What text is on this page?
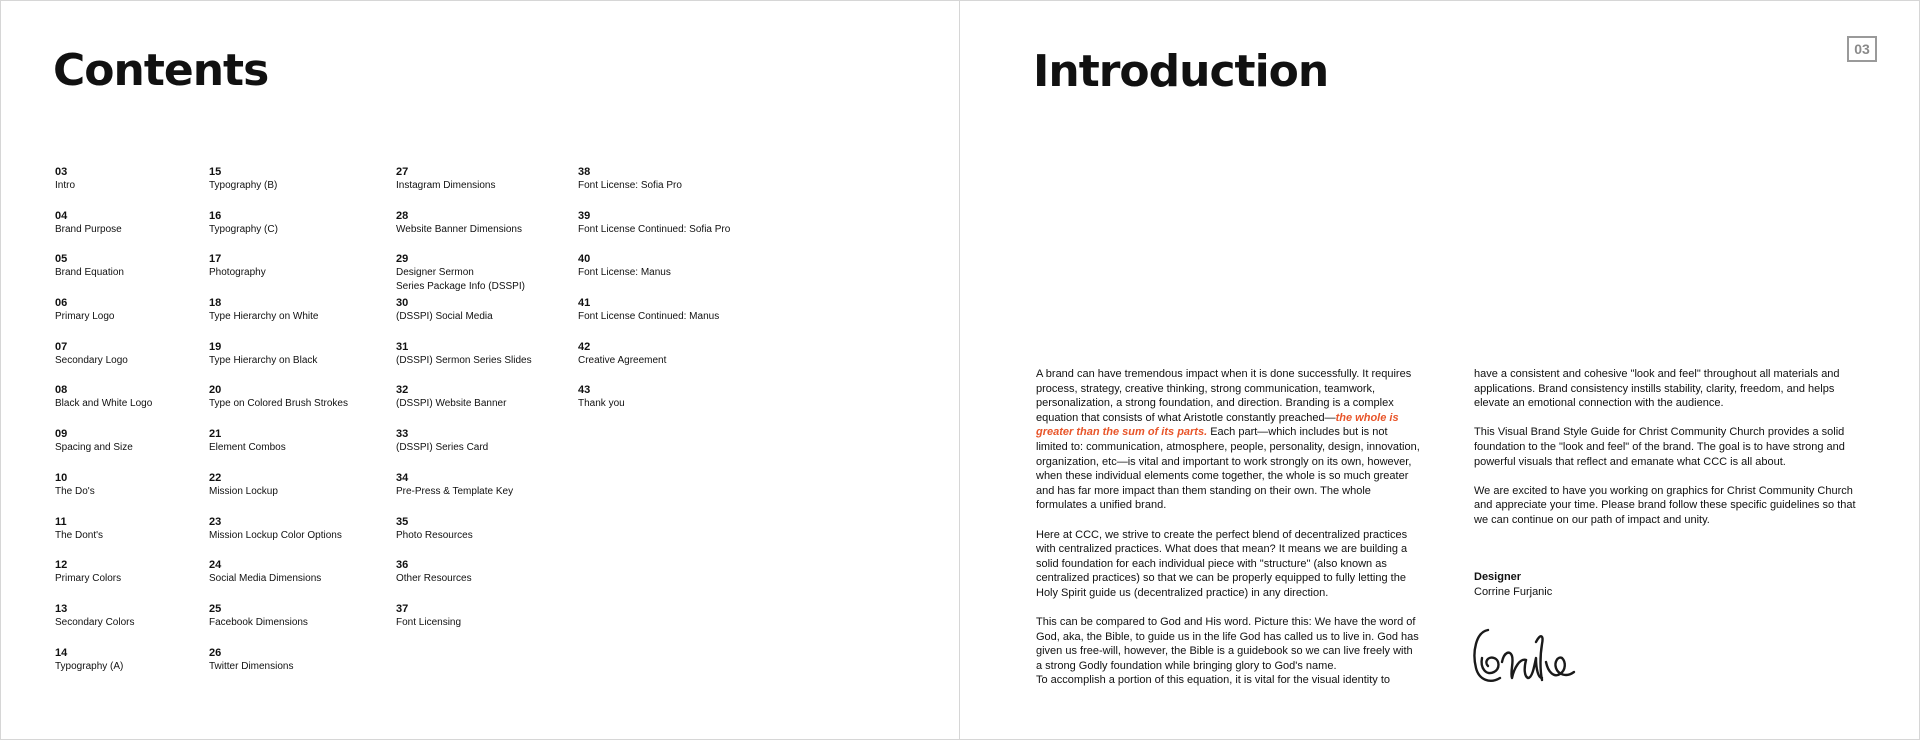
Contents
03
Intro
04
Brand Purpose
05
Brand Equation
06
Primary Logo
07
Secondary Logo
08
Black and White Logo
09
Spacing and Size
10
The Do's
11
The Dont's
12
Primary Colors
13
Secondary Colors
14
Typography (A)
15
Typography (B)
16
Typography (C)
17
Photography
18
Type Hierarchy on White
19
Type Hierarchy on Black
20
Type on Colored Brush Strokes
21
Element Combos
22
Mission Lockup
23
Mission Lockup Color Options
24
Social Media Dimensions
25
Facebook Dimensions
26
Twitter Dimensions
27
Instagram Dimensions
28
Website Banner Dimensions
29
Designer Sermon
Series Package Info (DSSPI)
30
(DSSPI) Social Media
31
(DSSPI) Sermon Series Slides
32
(DSSPI) Website Banner
33
(DSSPI) Series Card
34
Pre-Press & Template Key
35
Photo Resources
36
Other Resources
37
Font Licensing
38
Font License: Sofia Pro
39
Font License Continued: Sofia Pro
40
Font License: Manus
41
Font License Continued: Manus
42
Creative Agreement
43
Thank you
Introduction	03

A brand can have tremendous impact when it is done successfully. It requires process, strategy, creative thinking, strong communication, teamwork, personalization, a strong foundation, and direction. Branding is a complex equation that consists of what Aristotle constantly preached—the whole is greater than the sum of its parts. Each part—which includes but is not limited to: communication, atmosphere, people, personality, design, innovation, organization, etc—is vital and important to work strongly on its own, however, when these individual elements come together, the whole is so much greater and has far more impact than them standing on their own. The whole formulates a unified brand.

Here at CCC, we strive to create the perfect blend of decentralized practices with centralized practices. What does that mean? It means we are building a solid foundation for each individual piece with "structure" (also known as centralized practices) so that we can be properly equipped to fully letting the Holy Spirit guide us (decentralized practice) in any direction.

This can be compared to God and His word. Picture this: We have the word of God, aka, the Bible, to guide us in the life God has called us to live in. God has given us free-will, however, the Bible is a guidebook so we can live freely with a strong Godly foundation while bringing glory to God's name.

To accomplish a portion of this equation, it is vital for the visual identity to

have a consistent and cohesive "look and feel" throughout all materials and applications. Brand consistency instills stability, clarity, freedom, and helps elevate an emotional connection with the audience.

This Visual Brand Style Guide for Christ Community Church provides a solid foundation to the "look and feel" of the brand. The goal is to have strong and powerful visuals that reflect and emanate what CCC is all about.

We are excited to have you working on graphics for Christ Community Church and appreciate your time. Please brand follow these specific guidelines so that we can continue on our path of impact and unity.

Designer
Corrine Furjanic
